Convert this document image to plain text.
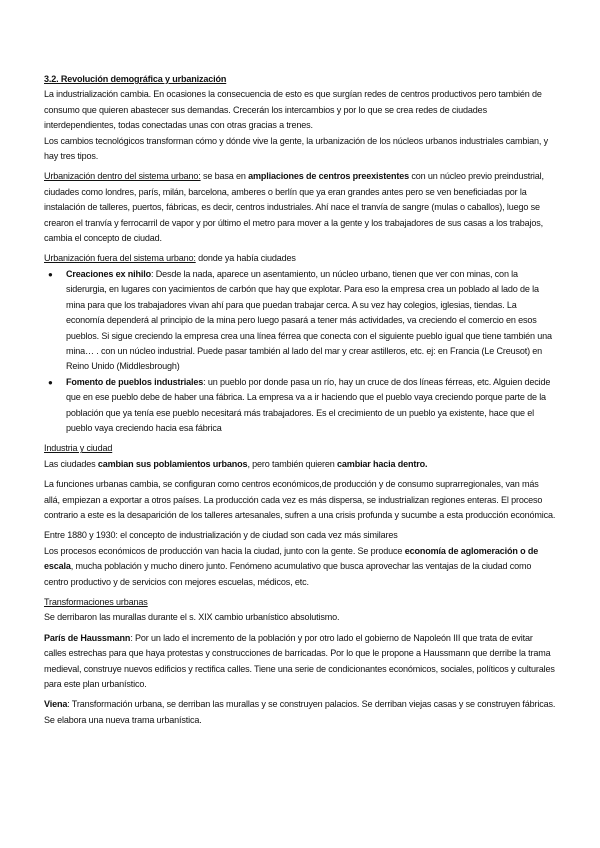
3.2. Revolución demográfica y urbanización

La industrialización cambia. En ocasiones la consecuencia de esto es que surgían redes de centros productivos pero también de consumo que quieren abastecer sus demandas. Crecerán los intercambios y por lo que se crea redes de ciudades interdependientes, todas conectadas unas con otras gracias a trenes.

Los cambios tecnológicos transforman cómo y dónde vive la gente, la urbanización de los núcleos urbanos industriales cambian, y hay tres tipos.

Urbanización dentro del sistema urbano: se basa en ampliaciones de centros preexistentes con un núcleo previo preindustrial, ciudades como londres, parís, milán, barcelona, amberes o berlín que ya eran grandes antes pero se ven beneficiadas por la instalación de talleres, puertos, fábricas, es decir, centros industriales. Ahí nace el tranvía de sangre (mulas o caballos), luego se crearon el tranvía y ferrocarril de vapor y por último el metro para mover a la gente y los trabajadores de sus casas a los trabajos, cambia el concepto de ciudad.

Urbanización fuera del sistema urbano: donde ya había ciudades

● Creaciones ex nihilo: Desde la nada, aparece un asentamiento, un núcleo urbano, tienen que ver con minas, con la siderurgia, en lugares con yacimientos de carbón que hay que explotar. Para eso la empresa crea un poblado al lado de la mina para que los trabajadores vivan ahí para que puedan trabajar cerca. A su vez hay colegios, iglesias, tiendas. La economía dependerá al principio de la mina pero luego pasará a tener más actividades, va creciendo el comercio en esos pueblos. Si sigue creciendo la empresa crea una línea férrea que conecta con el siguiente pueblo igual que tiene también una mina… . con un núcleo industrial. Puede pasar también al lado del mar y crear astilleros, etc. ej: en Francia (Le Creusot) en Reino Unido (Middlesbrough)
● Fomento de pueblos industriales: un pueblo por donde pasa un río, hay un cruce de dos líneas férreas, etc. Alguien decide que en ese pueblo debe de haber una fábrica. La empresa va a ir haciendo que el pueblo vaya creciendo porque parte de la población que ya tenía ese pueblo necesitará más trabajadores. Es el crecimiento de un pueblo ya existente, hace que el pueblo vaya creciendo hacia esa fábrica

Industria y ciudad

Las ciudades cambian sus poblamientos urbanos, pero también quieren cambiar hacia dentro.

La funciones urbanas cambia, se configuran como centros económicos,de producción y de consumo suprarregionales, van más allá, empiezan a exportar a otros países. La producción cada vez es más dispersa, se industrializan regiones enteras. El proceso contrario a este es la desaparición de los talleres artesanales, sufren a una crisis profunda y sucumbe a esta producción económica.

Entre 1880 y 1930: el concepto de industrialización y de ciudad son cada vez más similares

Los procesos económicos de producción van hacia la ciudad, junto con la gente. Se produce economía de aglomeración o de escala, mucha población y mucho dinero junto. Fenómeno acumulativo que busca aprovechar las ventajas de la ciudad como centro productivo y de servicios con mejores escuelas, médicos, etc.

Transformaciones urbanas

Se derribaron las murallas durante el s. XIX cambio urbanístico absolutismo.

París de Haussmann: Por un lado el incremento de la población y por otro lado el gobierno de Napoleón III que trata de evitar calles estrechas para que haya protestas y construcciones de barricadas. Por lo que le propone a Haussmann que derribe la trama medieval, construye nuevos edificios y rectifica calles. Tiene una serie de condicionantes económicos, sociales, políticos y culturales para este plan urbanístico.

Viena: Transformación urbana, se derriban las murallas y se construyen palacios. Se derriban viejas casas y se construyen fábricas. Se elabora una nueva trama urbanística.
